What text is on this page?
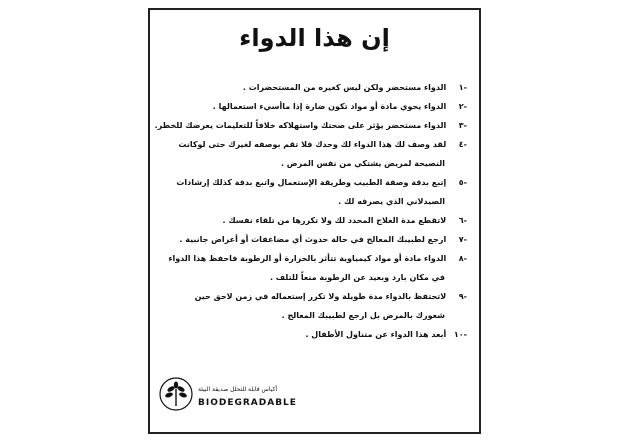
إن هذا الدواء
-١ الدواء مستحضر ولكن ليس كغيره من المستحضرات .
-٢ الدواء يحوي مادة أو مواد تكون ضارة إذا ماأسيء استعمالها .
-٣ الدواء مستحضر يؤثر على صحتك واستهلاكه خلافاً للتعليمات يعرضك للخطر.
-٤ لقد وصف لك هذا الدواء لك وحدك فلا تقم بوصفه لغيرك حتى لوكانت
النصيحة لمريض يشتكي من نفس المرض .
-٥ إتبع بدقة وصفة الطبيب وطريقة الإستعمال واتبع بدقة كذلك إرشادات
الصيدلاني الذي يصرفه لك .
-٦ لاتقطع مدة العلاج المحدد لك ولا تكررها من تلقاء نفسك .
-٧ ارجع لطبيبك المعالج في حالة حدوث أي مضاعفات أو أعراض جانبية .
-٨ الدواء مادة أو مواد كيمياوية تتأثر بالحرارة أو الرطوبة فاحفظ هذا الدواء
في مكان بارد وبعيد عن الرطوبة منعاً للتلف .
-٩ لاتحتفظ بالدواء مدة طويلة ولا تكرر إستعماله في زمن لاحق حين
شعورك بالمرض بل ارجع لطبيبك المعالج .
-١٠ أبعد هذا الدواء عن متناول الأطفال .
أكياس قابلة للتحلل صديقة البيئة
BIODEGRADABLE
